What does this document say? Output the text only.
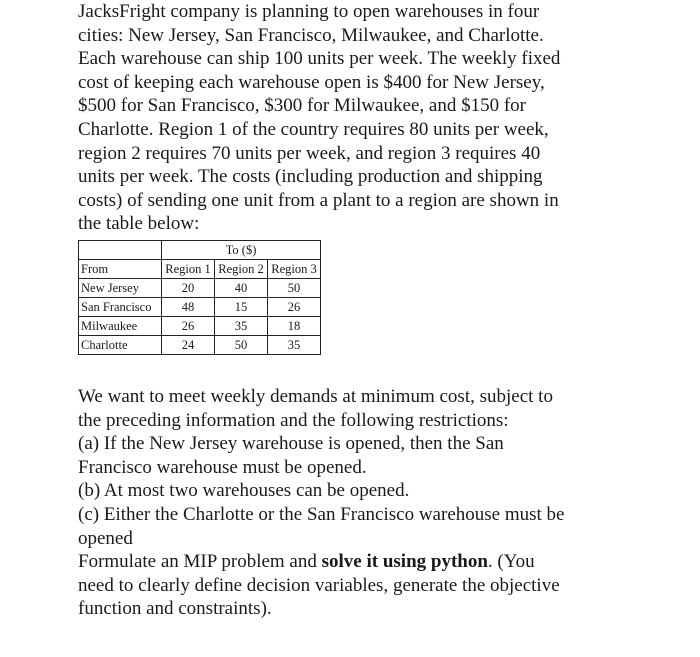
JacksFright company is planning to open warehouses in four
cities: New Jersey, San Francisco, Milwaukee, and Charlotte.
Each warehouse can ship 100 units per week. The weekly fixed
cost of keeping each warehouse open is $400 for New Jersey,
$500 for San Francisco, $300 for Milwaukee, and $150 for
Charlotte. Region 1 of the country requires 80 units per week,
region 2 requires 70 units per week, and region 3 requires 40
units per week. The costs (including production and shipping
costs) of sending one unit from a plant to a region are shown in
the table below:
	To ($)		
From	Region 1	Region 2	Region 3
New Jersey	20	40	50
San Francisco	48	15	26
Milwaukee	26	35	18
Charlotte	24	50	35
We want to meet weekly demands at minimum cost, subject to
the preceding information and the following restrictions:
(a) If the New Jersey warehouse is opened, then the San
Francisco warehouse must be opened.
(b) At most two warehouses can be opened.
(c) Either the Charlotte or the San Francisco warehouse must be
opened
Formulate an MIP problem and solve it using python. (You
need to clearly define decision variables, generate the objective
function and constraints).
